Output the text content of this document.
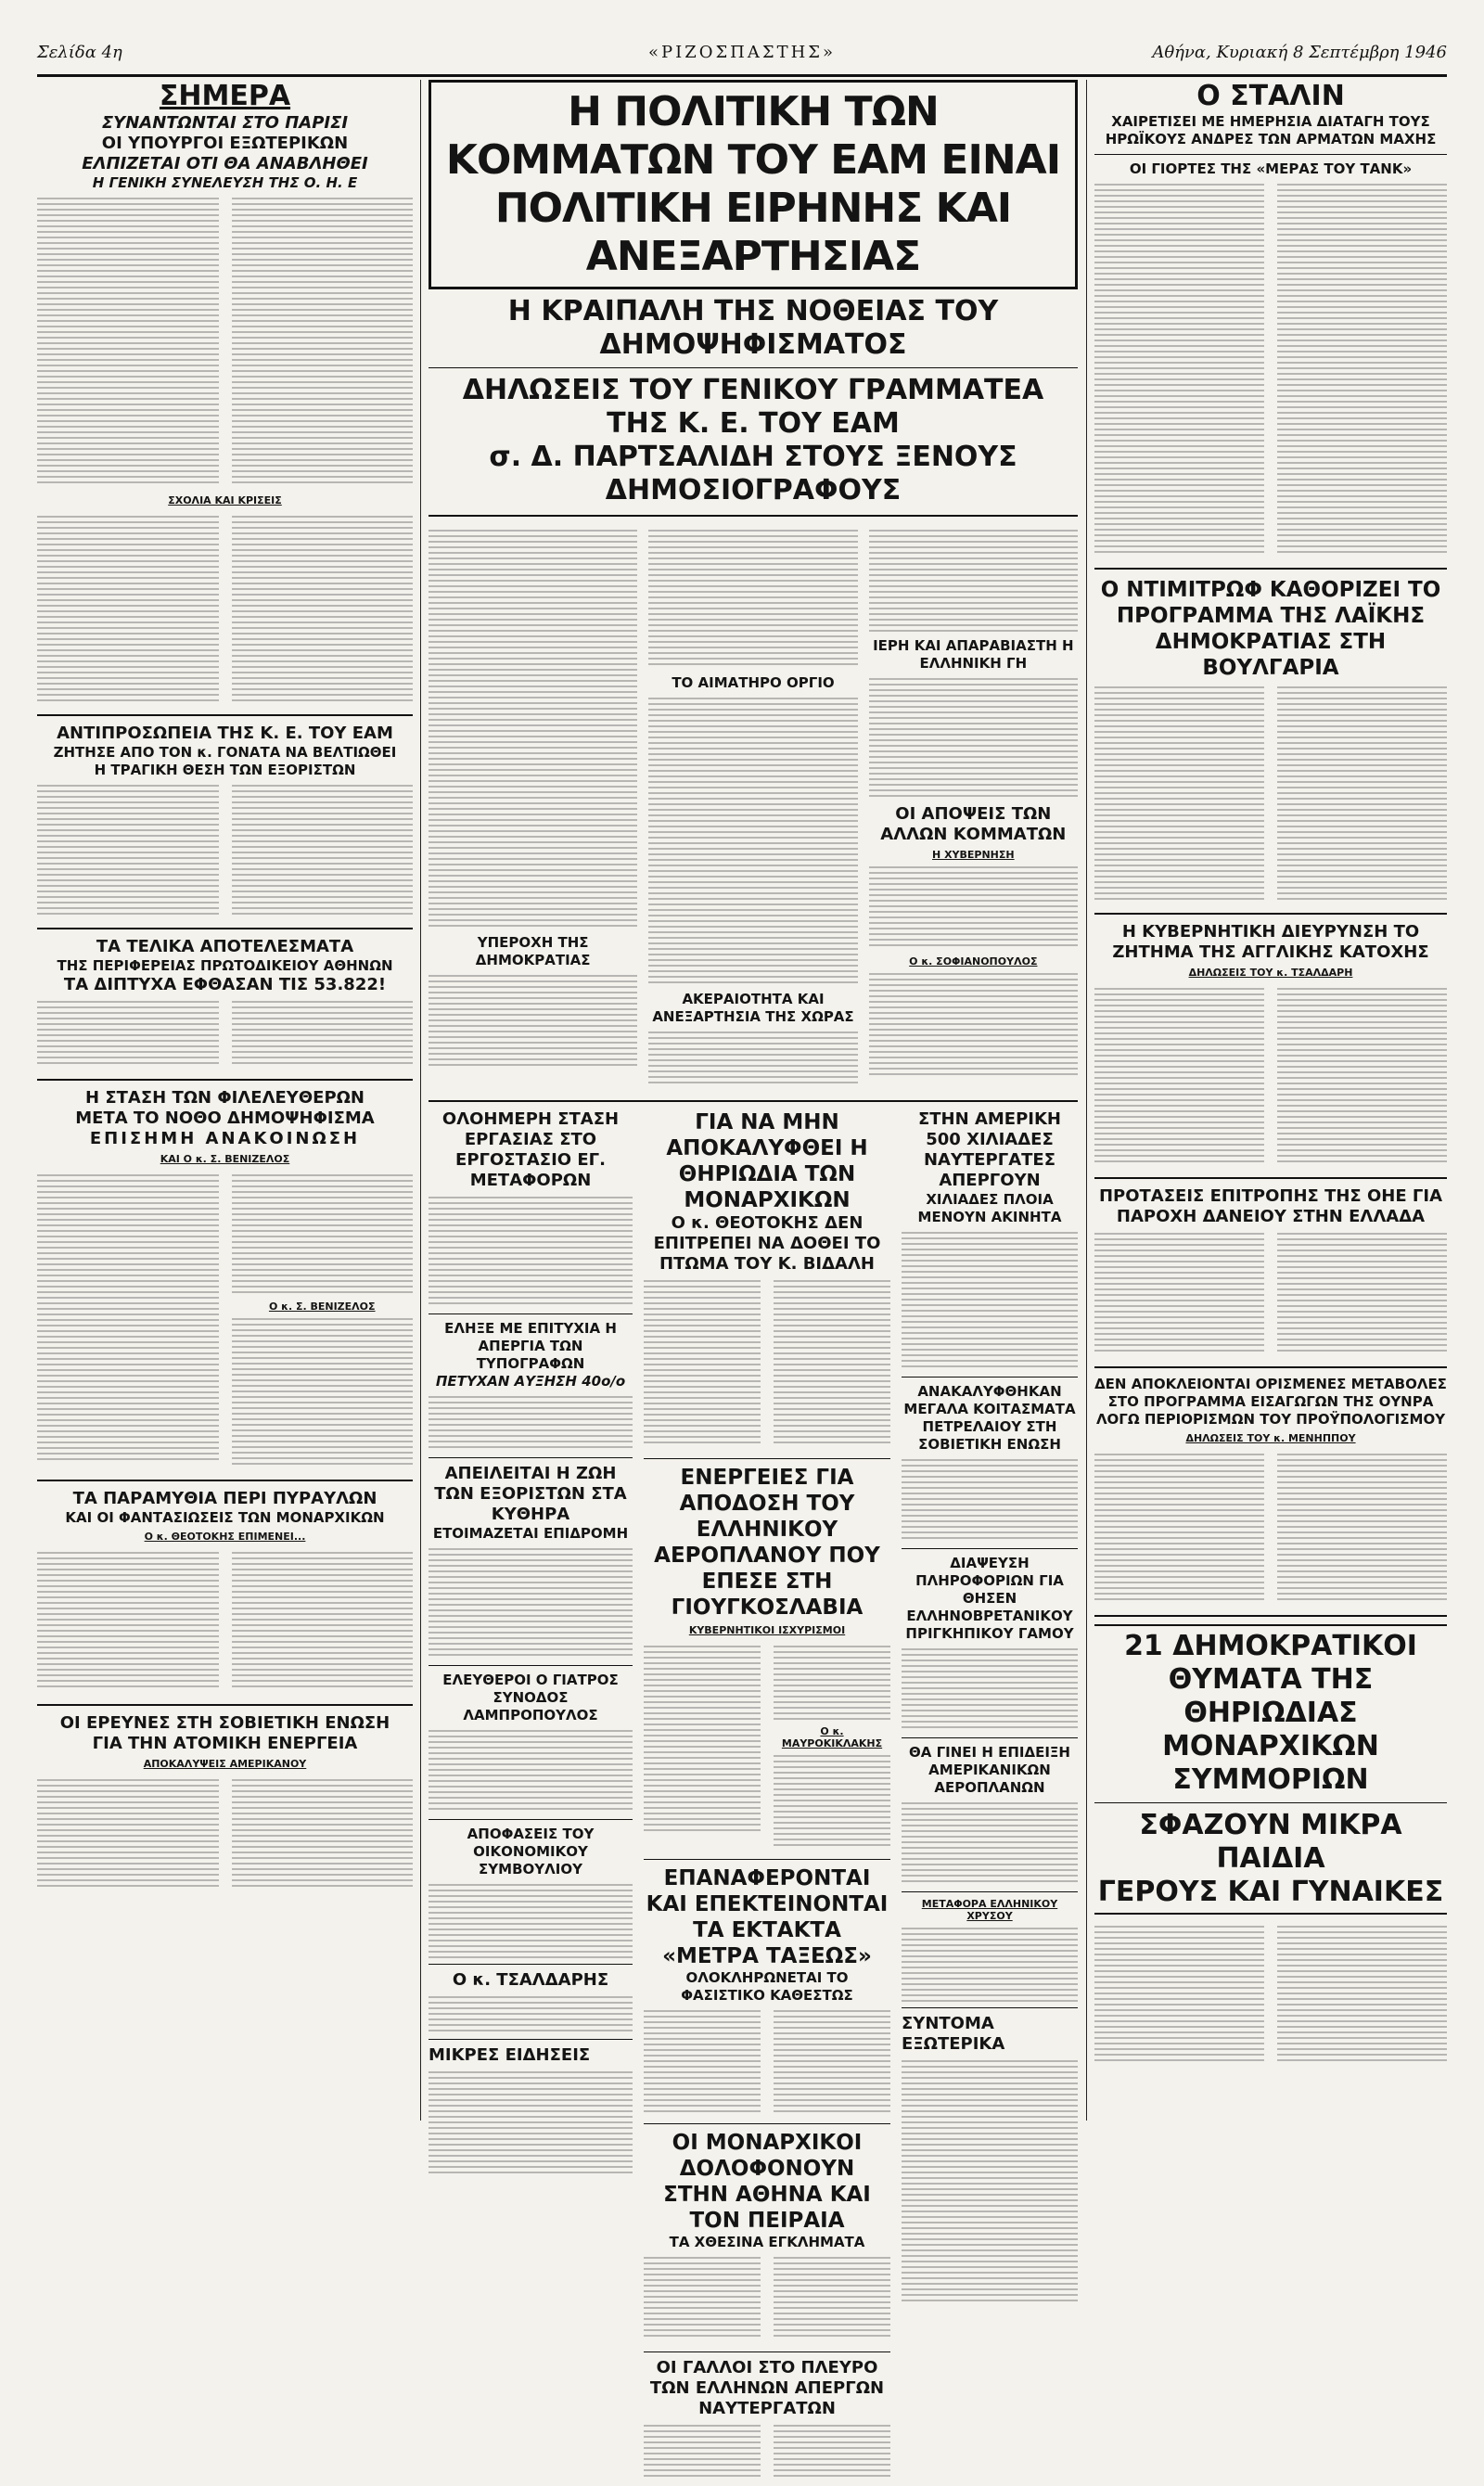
Σελίδα 4η	«ΡΙΖΟΣΠΑΣΤΗΣ»	Αθήνα, Κυριακή 8 Σεπτέμβρη 1946
ΣΗΜΕΡΑ
ΣΥΝΑΝΤΩΝΤΑΙ ΣΤΟ ΠΑΡΙΣΙ
ΟΙ ΥΠΟΥΡΓΟΙ ΕΞΩΤΕΡΙΚΩΝ
ΕΛΠΙΖΕΤΑΙ ΟΤΙ ΘΑ ΑΝΑΒΛΗΘΕΙ
Η ΓΕΝΙΚΗ ΣΥΝΕΛΕΥΣΗ ΤΗΣ Ο. Η. Ε
ΣΧΟΛΙΑ ΚΑΙ ΚΡΙΣΕΙΣ
ΑΝΤΙΠΡΟΣΩΠΕΙΑ ΤΗΣ Κ. Ε. ΤΟΥ ΕΑΜ
ΖΗΤΗΣΕ ΑΠΟ ΤΟΝ κ. ΓΟΝΑΤΑ ΝΑ ΒΕΛΤΙΩΘΕΙ
Η ΤΡΑΓΙΚΗ ΘΕΣΗ ΤΩΝ ΕΞΟΡΙΣΤΩΝ
ΤΑ ΤΕΛΙΚΑ ΑΠΟΤΕΛΕΣΜΑΤΑ
ΤΗΣ ΠΕΡΙΦΕΡΕΙΑΣ ΠΡΩΤΟΔΙΚΕΙΟΥ ΑΘΗΝΩΝ
ΤΑ ΔΙΠΤΥΧΑ ΕΦΘΑΣΑΝ ΤΙΣ 53.822!
Η ΣΤΑΣΗ ΤΩΝ ΦΙΛΕΛΕΥΘΕΡΩΝ
ΜΕΤΑ ΤΟ ΝΟΘΟ ΔΗΜΟΨΗΦΙΣΜΑ
ΕΠΙΣΗΜΗ ΑΝΑΚΟΙΝΩΣΗ
ΚΑΙ Ο κ. Σ. ΒΕΝΙΖΕΛΟΣ
Ο κ. Σ. ΒΕΝΙΖΕΛΟΣ
ΤΑ ΠΑΡΑΜΥΘΙΑ ΠΕΡΙ ΠΥΡΑΥΛΩΝ
ΚΑΙ ΟΙ ΦΑΝΤΑΣΙΩΣΕΙΣ ΤΩΝ ΜΟΝΑΡΧΙΚΩΝ
Ο κ. ΘΕΟΤΟΚΗΣ ΕΠΙΜΕΝΕΙ...
ΟΙ ΕΡΕΥΝΕΣ ΣΤΗ ΣΟΒΙΕΤΙΚΗ ΕΝΩΣΗ
ΓΙΑ ΤΗΝ ΑΤΟΜΙΚΗ ΕΝΕΡΓΕΙΑ
ΑΠΟΚΑΛΥΨΕΙΣ ΑΜΕΡΙΚΑΝΟΥ
Η ΠΟΛΙΤΙΚΗ ΤΩΝ ΚΟΜΜΑΤΩΝ ΤΟΥ ΕΑΜ ΕΙΝΑΙ
ΠΟΛΙΤΙΚΗ ΕΙΡΗΝΗΣ ΚΑΙ ΑΝΕΞΑΡΤΗΣΙΑΣ
Η ΚΡΑΙΠΑΛΗ ΤΗΣ ΝΟΘΕΙΑΣ ΤΟΥ ΔΗΜΟΨΗΦΙΣΜΑΤΟΣ
ΔΗΛΩΣΕΙΣ ΤΟΥ ΓΕΝΙΚΟΥ ΓΡΑΜΜΑΤΕΑ ΤΗΣ Κ. Ε. ΤΟΥ ΕΑΜ
σ. Δ. ΠΑΡΤΣΑΛΙΔΗ ΣΤΟΥΣ ΞΕΝΟΥΣ ΔΗΜΟΣΙΟΓΡΑΦΟΥΣ
ΥΠΕΡΟΧΗ ΤΗΣ ΔΗΜΟΚΡΑΤΙΑΣ
ΤΟ ΑΙΜΑΤΗΡΟ ΟΡΓΙΟ
ΑΚΕΡΑΙΟΤΗΤΑ ΚΑΙ ΑΝΕΞΑΡΤΗΣΙΑ ΤΗΣ ΧΩΡΑΣ
ΙΕΡΗ ΚΑΙ ΑΠΑΡΑΒΙΑΣΤΗ Η ΕΛΛΗΝΙΚΗ ΓΗ
ΟΙ ΑΠΟΨΕΙΣ ΤΩΝ ΑΛΛΩΝ ΚΟΜΜΑΤΩΝ
Η ΧΥΒΕΡΝΗΣΗ
Ο κ. ΣΟΦΙΑΝΟΠΟΥΛΟΣ
ΟΛΟΗΜΕΡΗ ΣΤΑΣΗ ΕΡΓΑΣΙΑΣ ΣΤΟ ΕΡΓΟΣΤΑΣΙΟ ΕΓ. ΜΕΤΑΦΟΡΩΝ
ΕΛΗΞΕ ΜΕ ΕΠΙΤΥΧΙΑ Η ΑΠΕΡΓΙΑ ΤΩΝ ΤΥΠΟΓΡΑΦΩΝ
ΠΕΤΥΧΑΝ ΑΥΞΗΣΗ 40ο/ο
ΑΠΕΙΛΕΙΤΑΙ Η ΖΩΗ ΤΩΝ ΕΞΟΡΙΣΤΩΝ ΣΤΑ ΚΥΘΗΡΑ
ΕΤΟΙΜΑΖΕΤΑΙ ΕΠΙΔΡΟΜΗ
ΕΛΕΥΘΕΡΟΙ Ο ΓΙΑΤΡΟΣ ΣΥΝΟΔΟΣ ΛΑΜΠΡΟΠΟΥΛΟΣ
ΑΠΟΦΑΣΕΙΣ ΤΟΥ ΟΙΚΟΝΟΜΙΚΟΥ ΣΥΜΒΟΥΛΙΟΥ
Ο κ. ΤΣΑΛΔΑΡΗΣ
ΜΙΚΡΕΣ ΕΙΔΗΣΕΙΣ
ΓΙΑ ΝΑ ΜΗΝ ΑΠΟΚΑΛΥΦΘΕΙ Η ΘΗΡΙΩΔΙΑ ΤΩΝ ΜΟΝΑΡΧΙΚΩΝ
Ο κ. ΘΕΟΤΟΚΗΣ ΔΕΝ ΕΠΙΤΡΕΠΕΙ ΝΑ ΔΟΘΕΙ ΤΟ ΠΤΩΜΑ ΤΟΥ Κ. ΒΙΔΑΛΗ
ΕΝΕΡΓΕΙΕΣ ΓΙΑ ΑΠΟΔΟΣΗ ΤΟΥ ΕΛΛΗΝΙΚΟΥ ΑΕΡΟΠΛΑΝΟΥ ΠΟΥ ΕΠΕΣΕ ΣΤΗ ΓΙΟΥΓΚΟΣΛΑΒΙΑ
ΚΥΒΕΡΝΗΤΙΚΟΙ ΙΣΧΥΡΙΣΜΟΙ
Ο κ. ΜΑΥΡΟΚΙΚΛΑΚΗΣ
ΕΠΑΝΑΦΕΡΟΝΤΑΙ ΚΑΙ ΕΠΕΚΤΕΙΝΟΝΤΑΙ ΤΑ ΕΚΤΑΚΤΑ «ΜΕΤΡΑ ΤΑΞΕΩΣ»
ΟΛΟΚΛΗΡΩΝΕΤΑΙ ΤΟ ΦΑΣΙΣΤΙΚΟ ΚΑΘΕΣΤΩΣ
ΟΙ ΜΟΝΑΡΧΙΚΟΙ ΔΟΛΟΦΟΝΟΥΝ ΣΤΗΝ ΑΘΗΝΑ ΚΑΙ ΤΟΝ ΠΕΙΡΑΙΑ
ΤΑ ΧΘΕΣΙΝΑ ΕΓΚΛΗΜΑΤΑ
ΟΙ ΓΑΛΛΟΙ ΣΤΟ ΠΛΕΥΡΟ ΤΩΝ ΕΛΛΗΝΩΝ ΑΠΕΡΓΩΝ ΝΑΥΤΕΡΓΑΤΩΝ
ΣΤΗΝ ΑΜΕΡΙΚΗ 500 ΧΙΛΙΑΔΕΣ ΝΑΥΤΕΡΓΑΤΕΣ ΑΠΕΡΓΟΥΝ
ΧΙΛΙΑΔΕΣ ΠΛΟΙΑ ΜΕΝΟΥΝ ΑΚΙΝΗΤΑ
ΑΝΑΚΑΛΥΦΘΗΚΑΝ ΜΕΓΑΛΑ ΚΟΙΤΑΣΜΑΤΑ ΠΕΤΡΕΛΑΙΟΥ ΣΤΗ ΣΟΒΙΕΤΙΚΗ ΕΝΩΣΗ
ΔΙΑΨΕΥΣΗ ΠΛΗΡΟΦΟΡΙΩΝ ΓΙΑ ΘΗΣΕΝ ΕΛΛΗΝΟΒΡΕΤΑΝΙΚΟΥ ΠΡΙΓΚΗΠΙΚΟΥ ΓΑΜΟΥ
ΘΑ ΓΙΝΕΙ Η ΕΠΙΔΕΙΞΗ ΑΜΕΡΙΚΑΝΙΚΩΝ ΑΕΡΟΠΛΑΝΩΝ
ΜΕΤΑΦΟΡΑ ΕΛΛΗΝΙΚΟΥ ΧΡΥΣΟΥ
ΣΥΝΤΟΜΑ ΕΞΩΤΕΡΙΚΑ
Ο ΣΤΑΛΙΝ
ΧΑΙΡΕΤΙΣΕΙ ΜΕ ΗΜΕΡΗΣΙΑ ΔΙΑΤΑΓΗ ΤΟΥΣ ΗΡΩΪΚΟΥΣ ΑΝΔΡΕΣ ΤΩΝ ΑΡΜΑΤΩΝ ΜΑΧΗΣ
ΟΙ ΓΙΟΡΤΕΣ ΤΗΣ «ΜΕΡΑΣ ΤΟΥ ΤΑΝΚ»
Ο ΝΤΙΜΙΤΡΩΦ ΚΑΘΟΡΙΖΕΙ ΤΟ ΠΡΟΓΡΑΜΜΑ ΤΗΣ ΛΑΪΚΗΣ ΔΗΜΟΚΡΑΤΙΑΣ ΣΤΗ ΒΟΥΛΓΑΡΙΑ
Η ΚΥΒΕΡΝΗΤΙΚΗ ΔΙΕΥΡΥΝΣΗ ΤΟ ΖΗΤΗΜΑ ΤΗΣ ΑΓΓΛΙΚΗΣ ΚΑΤΟΧΗΣ
ΔΗΛΩΣΕΙΣ ΤΟΥ κ. ΤΣΑΛΔΑΡΗ
ΠΡΟΤΑΣΕΙΣ ΕΠΙΤΡΟΠΗΣ ΤΗΣ ΟΗΕ ΓΙΑ ΠΑΡΟΧΗ ΔΑΝΕΙΟΥ ΣΤΗΝ ΕΛΛΑΔΑ
ΔΕΝ ΑΠΟΚΛΕΙΟΝΤΑΙ ΟΡΙΣΜΕΝΕΣ ΜΕΤΑΒΟΛΕΣ ΣΤΟ ΠΡΟΓΡΑΜΜΑ ΕΙΣΑΓΩΓΩΝ ΤΗΣ ΟΥΝΡΑ ΛΟΓΩ ΠΕΡΙΟΡΙΣΜΩΝ ΤΟΥ ΠΡΟΫΠΟΛΟΓΙΣΜΟΥ
ΔΗΛΩΣΕΙΣ ΤΟΥ κ. ΜΕΝΗΠΠΟΥ
21 ΔΗΜΟΚΡΑΤΙΚΟΙ
ΘΥΜΑΤΑ ΤΗΣ ΘΗΡΙΩΔΙΑΣ
ΜΟΝΑΡΧΙΚΩΝ ΣΥΜΜΟΡΙΩΝ
ΣΦΑΖΟΥΝ ΜΙΚΡΑ ΠΑΙΔΙΑ
ΓΕΡΟΥΣ ΚΑΙ ΓΥΝΑΙΚΕΣ
